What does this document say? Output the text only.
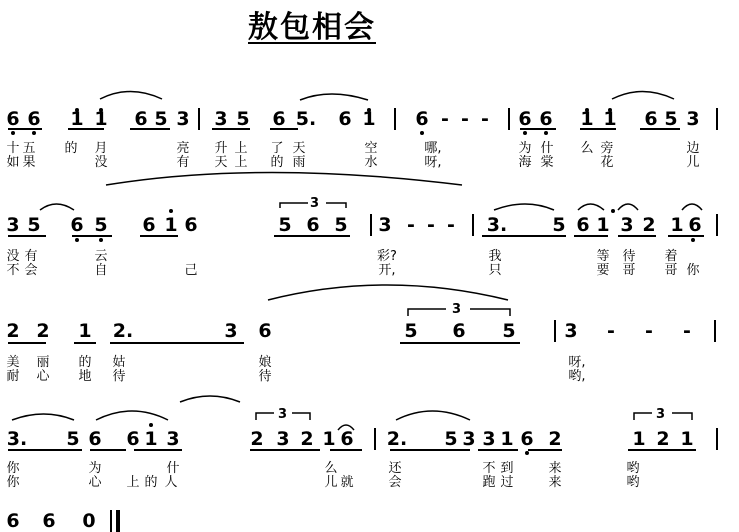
敖包相会
3
3
3	3
6 6 1 1 6 5 3 3 5 6 5. 6 1 6 - - - 6 6 1 1 6 5 3
十 五 的 月	亮 升 上 了 天	空	哪,	为 什 么 旁	边
如 果	没	有 天 上 的 雨	水	呀,	海 棠	花	儿
3 5 6 5 6 1 6	5 6 5 3 - - - 3. 5 6 1 3 2 1 6
没 有	云	彩?	我	等 待 着
不 会	自	己	开,	只	要 哥 哥 你
2 2 1 2.	3 6	5 6 5	3 - - -
美 丽 的 姑	娘	呀,
耐 心 地 待	待	哟,
3. 5 6 6 1 3	2 3 2 1 6 2. 5 3 3 1 6 2	1 2 1
你	为	什	么	还	不 到	来	哟
你	心 上 的 人	儿 就	会	跑 过	来	哟
6 6 0
